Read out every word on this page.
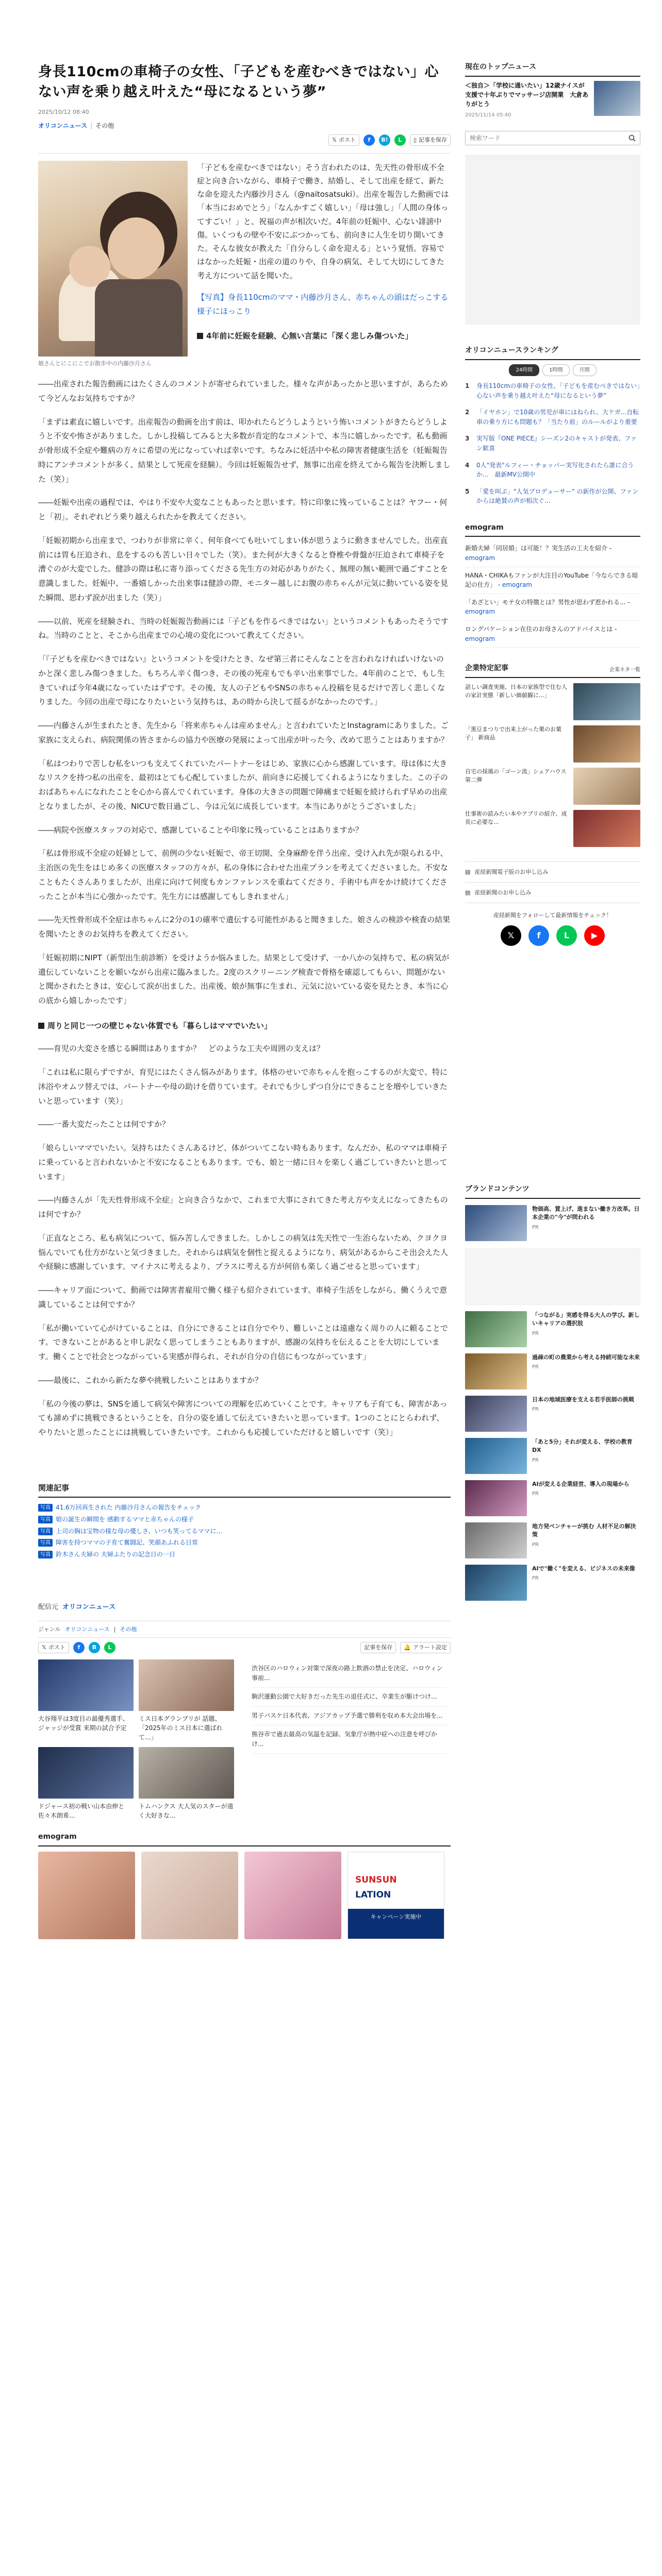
身長110cmの車椅子の女性、「子どもを産むべきではない」心ない声を乗り越え叶えた“母になるという夢”
2025/10/12 08:40
オリコンニュース | その他
𝕏 ポスト	f	B!	L	▯ 記事を保存
娘さんとにこにこでお散歩中の内藤沙月さん

「子どもを産むべきではない」そう言われたのは、先天性の骨形成不全症と向き合いながら、車椅子で働き、結婚し、そして出産を経て、新たな命を迎えた内藤沙月さん（@naitosatsuki）。出産を報告した動画では「本当におめでとう」「なんかすごく嬉しい」「母は強し」「人間の身体ってすごい！」と、祝福の声が相次いだ。4年前の妊娠中、心ない誹謗中傷。いくつもの壁や不安にぶつかっても、前向きに人生を切り開いてきた。そんな彼女が教えた「自分らしく命を迎える」という覚悟。容易ではなかった妊娠・出産の道のりや、自身の病気、そして大切にしてきた考え方について話を聞いた。

【写真】身長110cmのママ・内藤沙月さん、赤ちゃんの頭はだっこする様子にほっこり

4年前に妊娠を経験、心無い言葉に「深く悲しみ傷ついた」

――出産された報告動画にはたくさんのコメントが寄せられていました。様々な声があったかと思いますが、あらためて今どんなお気持ちですか？

「まずは素直に嬉しいです。出産報告の動画を出す前は、叩かれたらどうしようという怖いコメントがきたらどうしようと不安や怖さがありました。しかし投稿してみると大多数が肯定的なコメントで、本当に嬉しかったです。私も動画が骨形成不全症や難病の方々に希望の光になっていれば幸いです。ちなみに妊活中や私の障害者健康生活を（妊娠報告時にアンチコメントが多く、結果として死産を経験）。今回は妊娠報告せず、無事に出産を終えてから報告を決断しました（笑）」

――妊娠や出産の過程では、やはり不安や大変なこともあったと思います。特に印象に残っていることは？ヤフー・何と「初」。それぞれどう乗り越えられたかを教えてください。

「妊娠初期から出産まで、つわりが非常に辛く、何年食べても吐いてしまい体が思うように動きませんでした。出産直前には胃も圧迫され、息をするのも苦しい日々でした（笑）。また何が大きくなると脊椎や骨盤が圧迫されて車椅子を漕ぐのが大変でした。健診の際は私に寄り添ってくださる先生方の対応がありがたく、無理の無い範囲で過ごすことを意識しました。妊娠中、一番嬉しかった出来事は健診の際、モニター越しにお腹の赤ちゃんが元気に動いている姿を見た瞬間、思わず涙が出ました（笑）」

――以前、死産を経験され、当時の妊娠報告動画には「子どもを作るべきではない」というコメントもあったそうですね。当時のことと、そこから出産までの心境の変化について教えてください。

「『子どもを産むべきではない』というコメントを受けたとき、なぜ第三者にそんなことを言われなければいけないのかと深く悲しみ傷つきました。もちろん辛く傷つき、その後の死産もでも辛い出来事でした。4年前のことで、もし生きていれば今年4歳になっていたはずです。その後、友人の子どもやSNSの赤ちゃん投稿を見るだけで苦しく悲しくなりました。今回の出産で母になりたいという気持ちは、あの時から決して揺るがなかったのです。」

――内藤さんが生まれたとき、先生から「将来赤ちゃんは産めません」と言われていたとInstagramにありました。ご家族に支えられ、病院関係の皆さまからの協力や医療の発展によって出産が叶った今、改めて思うことはありますか？

「私はつわりで苦しむ私をいつも支えてくれていたパートナーをはじめ、家族に心から感謝しています。母は体に大きなリスクを持つ私の出産を、最初はとても心配していましたが、前向きに応援してくれるようになりました。この子のおばあちゃんになれたことを心から喜んでくれています。身体の大きさの問題で陣痛まで妊娠を続けられず早めの出産となりましたが、その後、NICUで数日過ごし、今は元気に成長しています。本当にありがとうございました」

――病院や医療スタッフの対応で、感謝していることや印象に残っていることはありますか？

「私は骨形成不全症の妊婦として、前例の少ない妊娠で、帝王切開、全身麻酔を伴う出産、受け入れ先が限られる中、主治医の先生をはじめ多くの医療スタッフの方々が、私の身体に合わせた出産プランを考えてくださいました。不安なこともたくさんありましたが、出産に向けて何度もカンファレンスを重ねてくださり、手術中も声をかけ続けてくださったことが本当に心強かったです。先生方には感謝してもしきれません」

――先天性骨形成不全症は赤ちゃんに2分の1の確率で遺伝する可能性があると聞きました。娘さんの検診や検査の結果を聞いたときのお気持ちを教えてください。

「妊娠初期にNIPT（新型出生前診断）を受けようか悩みました。結果として受けず、一か八かの気持ちで、私の病気が遺伝していないことを願いながら出産に臨みました。2度のスクリーニング検査で骨格を確認してもらい、問題がないと聞かされたときは、安心して涙が出ました。出産後、娘が無事に生まれ、元気に泣いている姿を見たとき、本当に心の底から嬉しかったです」

周りと同じ一つの壁じゃない体質でも「暮らしはママでいたい」

――育児の大変さを感じる瞬間はありますか？　どのような工夫や周囲の支えは？

「これは私に限らずですが、育児にはたくさん悩みがあります。体格のせいで赤ちゃんを抱っこするのが大変で、特に沐浴やオムツ替えでは、パートナーや母の助けを借りています。それでも少しずつ自分にできることを増やしていきたいと思っています（笑）」

――一番大変だったことは何ですか？

「娘らしいママでいたい。気持ちはたくさんあるけど、体がついてこない時もあります。なんだか、私のママは車椅子に乗っていると言われないかと不安になることもあります。でも、娘と一緒に日々を楽しく過ごしていきたいと思っています」

――内藤さんが「先天性骨形成不全症」と向き合うなかで、これまで大事にされてきた考え方や支えになってきたものは何ですか？

「正直なところ、私も病気について、悩み苦しんできました。しかしこの病気は先天性で一生治らないため、クヨクヨ悩んでいても仕方がないと気づきました。それからは病気を個性と捉えるようになり、病気があるからこそ出会えた人や経験に感謝しています。マイナスに考えるより、プラスに考える方が何倍も楽しく過ごせると思っています」

――キャリア面について、動画では障害者雇用で働く様子も紹介されています。車椅子生活をしながら、働くうえで意識していることは何ですか？

「私が働いていて心がけていることは、自分にできることは自分でやり、難しいことは遠慮なく周りの人に頼ることです。できないことがあると申し訳なく思ってしまうこともありますが、感謝の気持ちを伝えることを大切にしています。働くことで社会とつながっている実感が得られ、それが自分の自信にもつながっています」

――最後に、これから新たな夢や挑戦したいことはありますか？

「私の今後の夢は、SNSを通して病気や障害についての理解を広めていくことです。キャリアも子育ても、障害があっても諦めずに挑戦できるということを、自分の姿を通して伝えていきたいと思っています。1つのことにとらわれず、やりたいと思ったことには挑戦していきたいです。これからも応援していただけると嬉しいです（笑）」

関連記事
写真 41.6万回再生された 内藤沙月さんの報告をチェック
写真 娘の誕生の瞬間を 感動するママと赤ちゃんの様子
写真 上司の胸は宝物の様な母の優しさ、いつも笑ってるママに...
写真 障害を持つママの子育て奮闘記、笑顔あふれる日常
写真 鈴木さん夫婦の 夫婦ふたりの記念日の一日
配信元 オリコンニュース
ジャンル オリコンニュース | その他
𝕏 ポスト	f	B	L	記事を保存 🔔 アラート設定
大谷翔平は3度目の最優秀選手、ジャッジが受賞 来期の試合予定
ミス日本グランプリが 話題、「2025年のミス日本に選ばれて...」
ドジャース初の戦い山本由伸と佐々木朗希...
トムハンクス 大人気のスターが遠く大好きな...
渋谷区のハロウィン対策で深夜の路上飲酒の禁止を決定、ハロウィン事前...
駒沢運動公園で大好きだった先生の退任式に、卒業生が駆けつけ...
男子バスケ日本代表、アジアカップ予選で勝利を収め本大会出場を...
熊谷市で過去最高の気温を記録、気象庁が熱中症への注意を呼びかけ...
emogram
SUNSUN
LATION
キャンペーン実施中
現在のトップニュース
＜独自＞「学校に通いたい」12歳ナイスが支援で十年ぶりでマッサージ店開業　大倉ありがとう
2025/11/14 05:40
検索ワード
オリコンニュースランキング
24時間	1時間	月間
1	身長110cmの車椅子の女性、「子どもを産むべきではない」心ない声を乗り越え叶えた“母になるという夢”
2	「イヤホン」で10歳の男児が車にはねられ、大ケガ...自転車の乗り方にも問題も？「当たり前」のルールがより重要
3	実写版『ONE PIECE』シーズン2のキャストが発表、ファン歓喜
4	0人"発表"ルフィー・チョッパー実写化されたら誰に合うか...　最新MV公開中
5	「愛を叫ぶ」"人気プロデューサー" の新作が公開、ファンからは絶賛の声が相次ぐ...
emogram
新婚夫婦「同居婚」は可能！？実生活の工夫を紹介 - emogram
HANA・CHIKAもファンが大注目のYouTube「今ならできる暗記の仕方」 - emogram
「あざとい」モテ女の特徴とは？男性が思わず惹かれる... - emogram
ロングバケーション在住のお母さんのアドバイスとは - emogram
企業特定記事	企業ネタ一覧
話しい調査実施、日本の家族型で住む人の家計実態「新しい価値観に...」
「黒豆まつりで出来上がった栗のお菓子」 新商品
自宅の採風の「ゴーン流」シェアハウス 第二弾
仕事術の読みたい本やアプリの紹介、成長に必要な...
▤ 産経新聞電子版のお申し込み
▤ 産経新聞のお申し込み
産経新聞をフォローして最新情報をチェック！
𝕏	f	L	▶
ブランドコンテンツ
物価高、賃上げ、進まない働き方改革。日本企業の"今"が問われる
PR
「つながる」実感を得る大人の学び。新しいキャリアの選択肢
PR
過疎の町の農業から考える持続可能な未来
PR
日本の地域医療を支える若手医師の挑戦
PR
「あと5分」それが変える、学校の教育DX
PR
AIが変える企業経営、導入の現場から
PR
地方発ベンチャーが挑む 人材不足の解決策
PR
AIで"働く"を変える、ビジネスの未来像
PR
